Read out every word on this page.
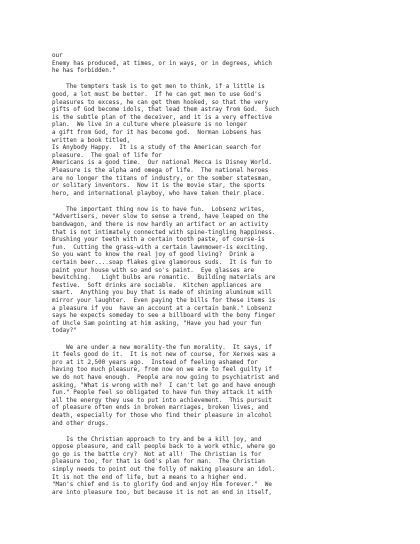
our
Enemy has produced, at times, or in ways, or in degrees, which
he has forbidden."
The tempters task is to get men to think, if a little is
good, a lot must be better.  If he can get men to use God's
pleasures to excess, he can get them hooked, so that the very
gifts of God become idols, that lead them astray from God.  Such
is the subtle plan of the deceiver, and it is a very effective
plan.  We live in a culture where pleasure is no longer
a gift from God, for it has become god.  Norman Lobsens has
written a book titled,
Is Anybody Happy.  It is a study of the American search for
pleasure.  The goal of life for
Americans is a good time.  Our national Mecca is Disney World.
Pleasure is the alpha and omega of life.  The national heroes
are no longer the titans of industry, or the somber statesman,
or solitary inventors.  Now it is the movie star, the sports
hero, and international playboy, who have taken their place.
The important thing now is to have fun.  Lobsenz writes,
"Advertisers, never slow to sense a trend, have leaped on the
bandwagon, and there is now hardly an artifact or an activity
that is not intimately connected with spine-tingling happiness.
Brushing your teeth with a certain tooth paste, of course-is
fun.  Cutting the grass-with a certain lawnmower-is exciting.
So you want to know the real joy of good living?  Drink a
certain beer....soap flakes give glamorous suds.  It is fun to
paint your house with so and so's paint.  Eye glasses are
bewitching.   Light bulbs are romantic.  Building materials are
festive.  Soft drinks are sociable.  Kitchen appliances are
smart.  Anything you buy that is made of shining aluminum will
mirror your laughter.  Even paying the bills for these items is
a pleasure if you  have an account at a certain bank." Lobsenz
says he expects someday to see a billboard with the bony finger
of Uncle Sam pointing at him asking, "Have you had your fun
today?"
We are under a new morality-the fun morality.  It says, if
it feels good do it.  It is not new of course, for Xerxes was a
pro at it 2,500 years ago.  Instead of feeling ashamed for
having too much pleasure, from now on we are to feel guilty if
we do not have enough.  People are now going to psychiatrist and
asking, "What is wrong with me?  I can't let go and have enough
fun." People feel so obligated to have fun they attack it with
all the energy they use to put into achievement.  This pursuit
of pleasure often ends in broken marriages, broken lives, and
death, especially for those who find their pleasure in alcohol
and other drugs.
Is the Christian approach to try and be a kill joy, and
oppose pleasure, and call people back to a work ethic, where go
go go is the battle cry?  Not at all!  The Christian is for
pleasure too, for that is God's plan for man.  The Christian
simply needs to point out the folly of making pleasure an idol.
It is not the end of life, but a means to a higher end.
"Man's chief end is to glorify God and enjoy Him forever."  We
are into pleasure too, but because it is not an end in itself,
